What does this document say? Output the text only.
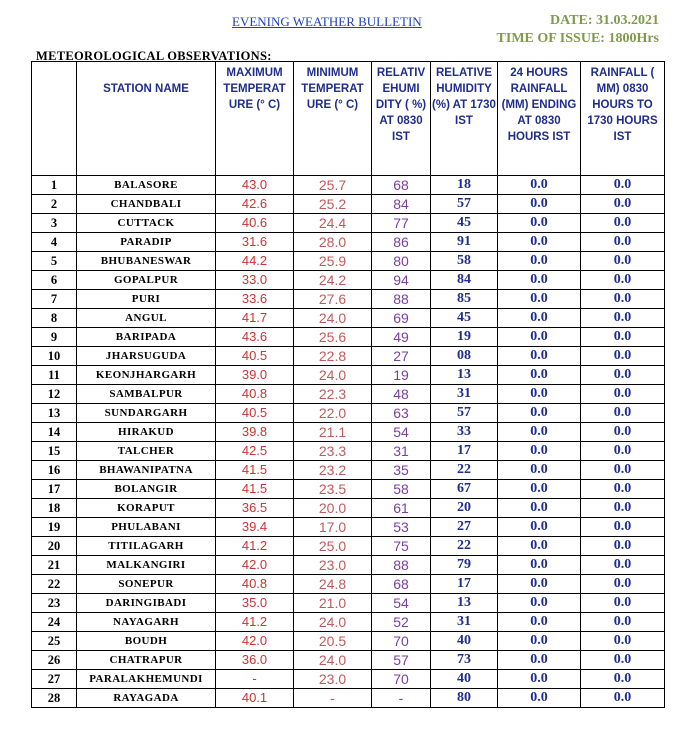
EVENING WEATHER BULLETIN	DATE: 31.03.2021
TIME OF ISSUE: 1800Hrs
METEOROLOGICAL OBSERVATIONS:
	STATION NAME	MAXIMUM TEMPERAT URE (° C)	MINIMUM TEMPERAT URE (° C)	RELATIV EHUMI DITY ( %) AT 0830 IST	RELATIVE HUMIDITY (%) AT 1730 IST	24 HOURS RAINFALL (MM) ENDING AT 0830 HOURS IST	RAINFALL ( MM) 0830 HOURS TO 1730 HOURS IST
1	BALASORE	43.0	25.7	68	18	0.0	0.0
2	CHANDBALI	42.6	25.2	84	57	0.0	0.0
3	CUTTACK	40.6	24.4	77	45	0.0	0.0
4	PARADIP	31.6	28.0	86	91	0.0	0.0
5	BHUBANESWAR	44.2	25.9	80	58	0.0	0.0
6	GOPALPUR	33.0	24.2	94	84	0.0	0.0
7	PURI	33.6	27.6	88	85	0.0	0.0
8	ANGUL	41.7	24.0	69	45	0.0	0.0
9	BARIPADA	43.6	25.6	49	19	0.0	0.0
10	JHARSUGUDA	40.5	22.8	27	08	0.0	0.0
11	KEONJHARGARH	39.0	24.0	19	13	0.0	0.0
12	SAMBALPUR	40.8	22.3	48	31	0.0	0.0
13	SUNDARGARH	40.5	22.0	63	57	0.0	0.0
14	HIRAKUD	39.8	21.1	54	33	0.0	0.0
15	TALCHER	42.5	23.3	31	17	0.0	0.0
16	BHAWANIPATNA	41.5	23.2	35	22	0.0	0.0
17	BOLANGIR	41.5	23.5	58	67	0.0	0.0
18	KORAPUT	36.5	20.0	61	20	0.0	0.0
19	PHULABANI	39.4	17.0	53	27	0.0	0.0
20	TITILAGARH	41.2	25.0	75	22	0.0	0.0
21	MALKANGIRI	42.0	23.0	88	79	0.0	0.0
22	SONEPUR	40.8	24.8	68	17	0.0	0.0
23	DARINGIBADI	35.0	21.0	54	13	0.0	0.0
24	NAYAGARH	41.2	24.0	52	31	0.0	0.0
25	BOUDH	42.0	20.5	70	40	0.0	0.0
26	CHATRAPUR	36.0	24.0	57	73	0.0	0.0
27	PARALAKHEMUNDI	-	23.0	70	40	0.0	0.0
28	RAYAGADA	40.1	-	-	80	0.0	0.0
